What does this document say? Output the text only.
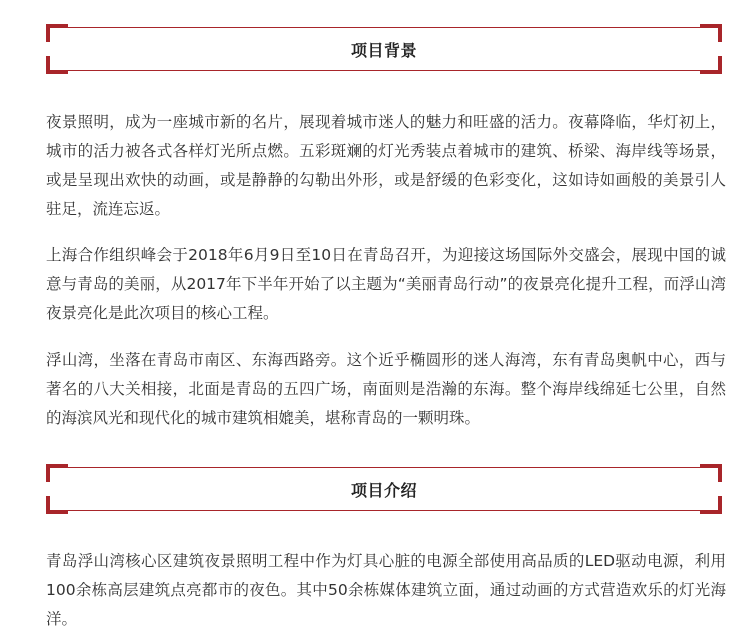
项目背景

夜景照明，成为一座城市新的名片，展现着城市迷人的魅力和旺盛的活力。夜幕降临，华灯初上，城市的活力被各式各样灯光所点燃。五彩斑斓的灯光秀装点着城市的建筑、桥梁、海岸线等场景，或是呈现出欢快的动画，或是静静的勾勒出外形，或是舒缓的色彩变化，这如诗如画般的美景引人驻足，流连忘返。

上海合作组织峰会于2018年6月9日至10日在青岛召开，为迎接这场国际外交盛会，展现中国的诚意与青岛的美丽，从2017年下半年开始了以主题为“美丽青岛行动”的夜景亮化提升工程，而浮山湾夜景亮化是此次项目的核心工程。

浮山湾，坐落在青岛市南区、东海西路旁。这个近乎椭圆形的迷人海湾，东有青岛奥帆中心，西与著名的八大关相接，北面是青岛的五四广场，南面则是浩瀚的东海。整个海岸线绵延七公里，自然的海滨风光和现代化的城市建筑相媲美，堪称青岛的一颗明珠。

项目介绍

青岛浮山湾核心区建筑夜景照明工程中作为灯具心脏的电源全部使用高品质的LED驱动电源，利用100余栋高层建筑点亮都市的夜色。其中50余栋媒体建筑立面，通过动画的方式营造欢乐的灯光海洋。
